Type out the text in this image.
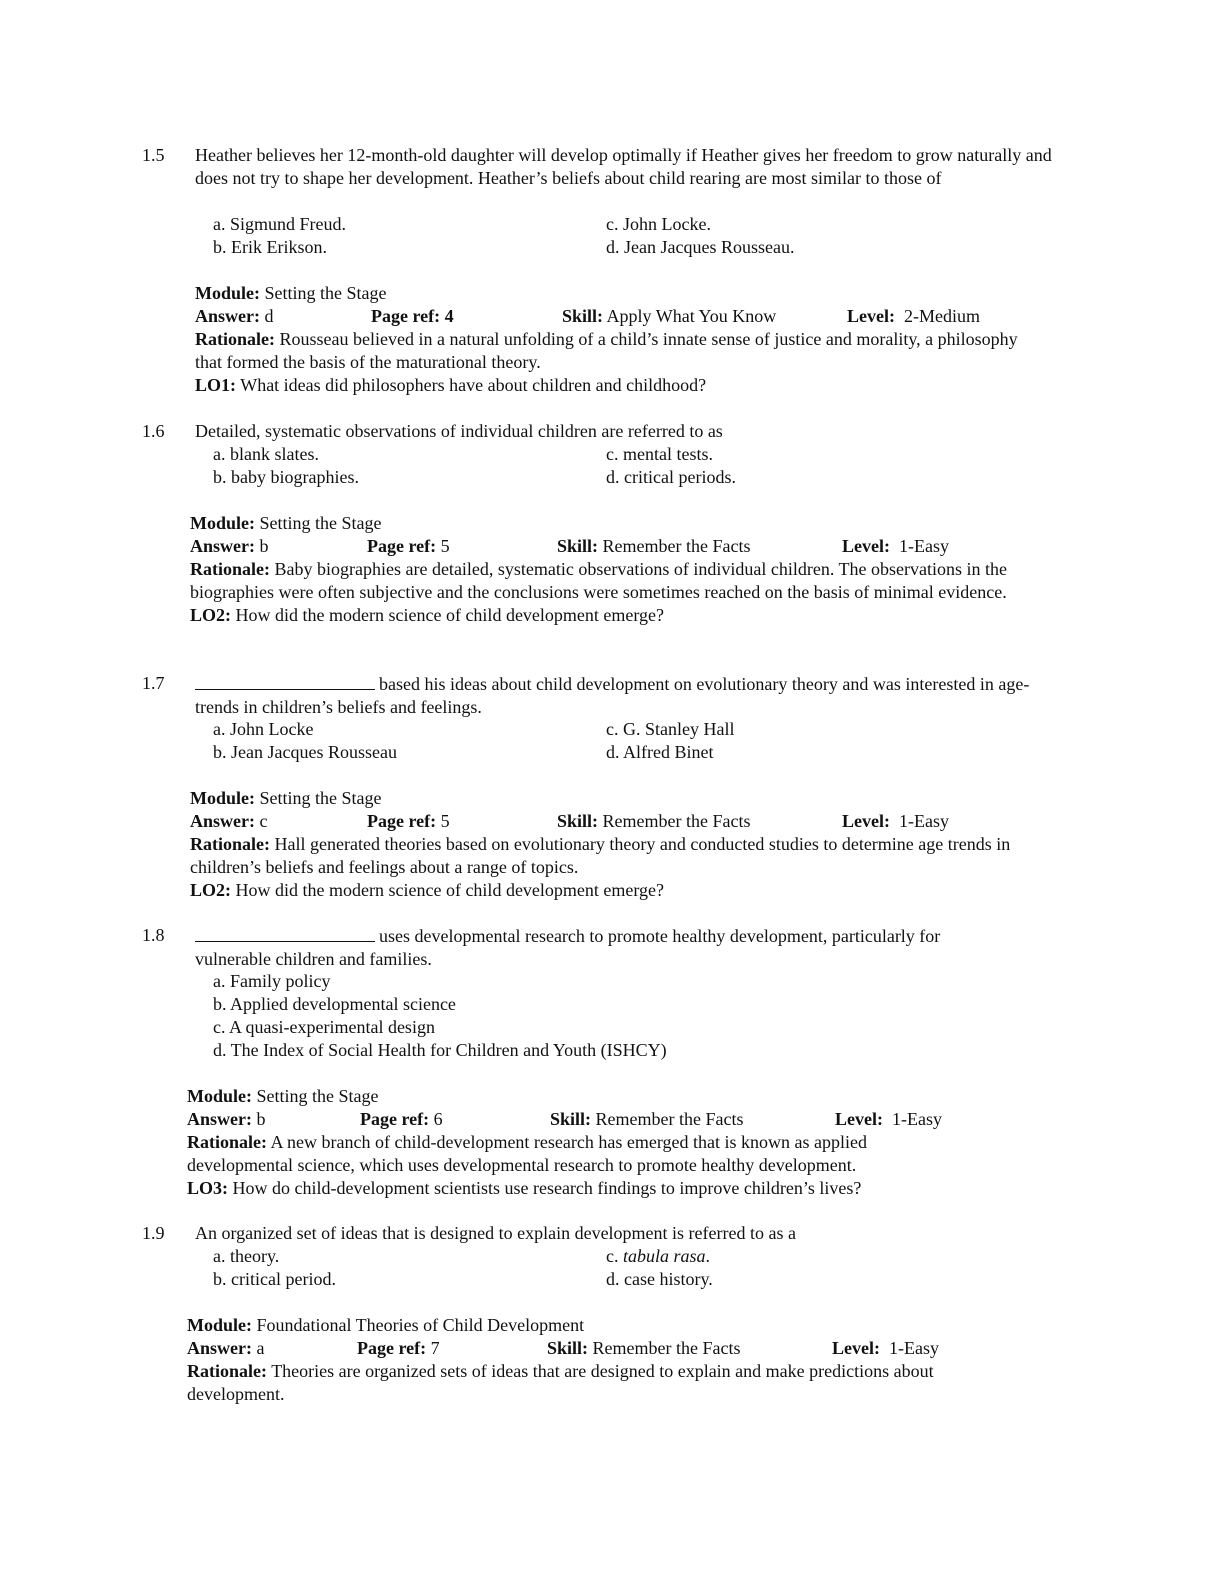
1.5 Heather believes her 12-month-old daughter will develop optimally if Heather gives her freedom to grow naturally and does not try to shape her development. Heather’s beliefs about child rearing are most similar to those of
a. Sigmund Freud.	c. John Locke.
b. Erik Erikson.	d. Jean Jacques Rousseau.
Module: Setting the Stage
Answer: d	Page ref: 4	Skill: Apply What You Know	Level: 2-Medium
Rationale: Rousseau believed in a natural unfolding of a child’s innate sense of justice and morality, a philosophy that formed the basis of the maturational theory.
LO1: What ideas did philosophers have about children and childhood?
1.6 Detailed, systematic observations of individual children are referred to as
a. blank slates.	c. mental tests.
b. baby biographies.	d. critical periods.
Module: Setting the Stage
Answer: b	Page ref: 5	Skill: Remember the Facts	Level: 1-Easy
Rationale: Baby biographies are detailed, systematic observations of individual children. The observations in the biographies were often subjective and the conclusions were sometimes reached on the basis of minimal evidence.
LO2: How did the modern science of child development emerge?
1.7	based his ideas about child development on evolutionary theory and was interested in age-trends in children’s beliefs and feelings.
a. John Locke	c. G. Stanley Hall
b. Jean Jacques Rousseau	d. Alfred Binet
Module: Setting the Stage
Answer: c	Page ref: 5	Skill: Remember the Facts	Level: 1-Easy
Rationale: Hall generated theories based on evolutionary theory and conducted studies to determine age trends in children’s beliefs and feelings about a range of topics.
LO2: How did the modern science of child development emerge?
1.8	uses developmental research to promote healthy development, particularly for vulnerable children and families.
a. Family policy
b. Applied developmental science
c. A quasi-experimental design
d. The Index of Social Health for Children and Youth (ISHCY)
Module: Setting the Stage
Answer: b	Page ref: 6	Skill: Remember the Facts	Level: 1-Easy
Rationale: A new branch of child-development research has emerged that is known as applied developmental science, which uses developmental research to promote healthy development.
LO3: How do child-development scientists use research findings to improve children’s lives?
1.9 An organized set of ideas that is designed to explain development is referred to as a
a. theory.	c. tabula rasa.
b. critical period.	d. case history.
Module: Foundational Theories of Child Development
Answer: a	Page ref: 7	Skill: Remember the Facts	Level: 1-Easy
Rationale: Theories are organized sets of ideas that are designed to explain and make predictions about development.
